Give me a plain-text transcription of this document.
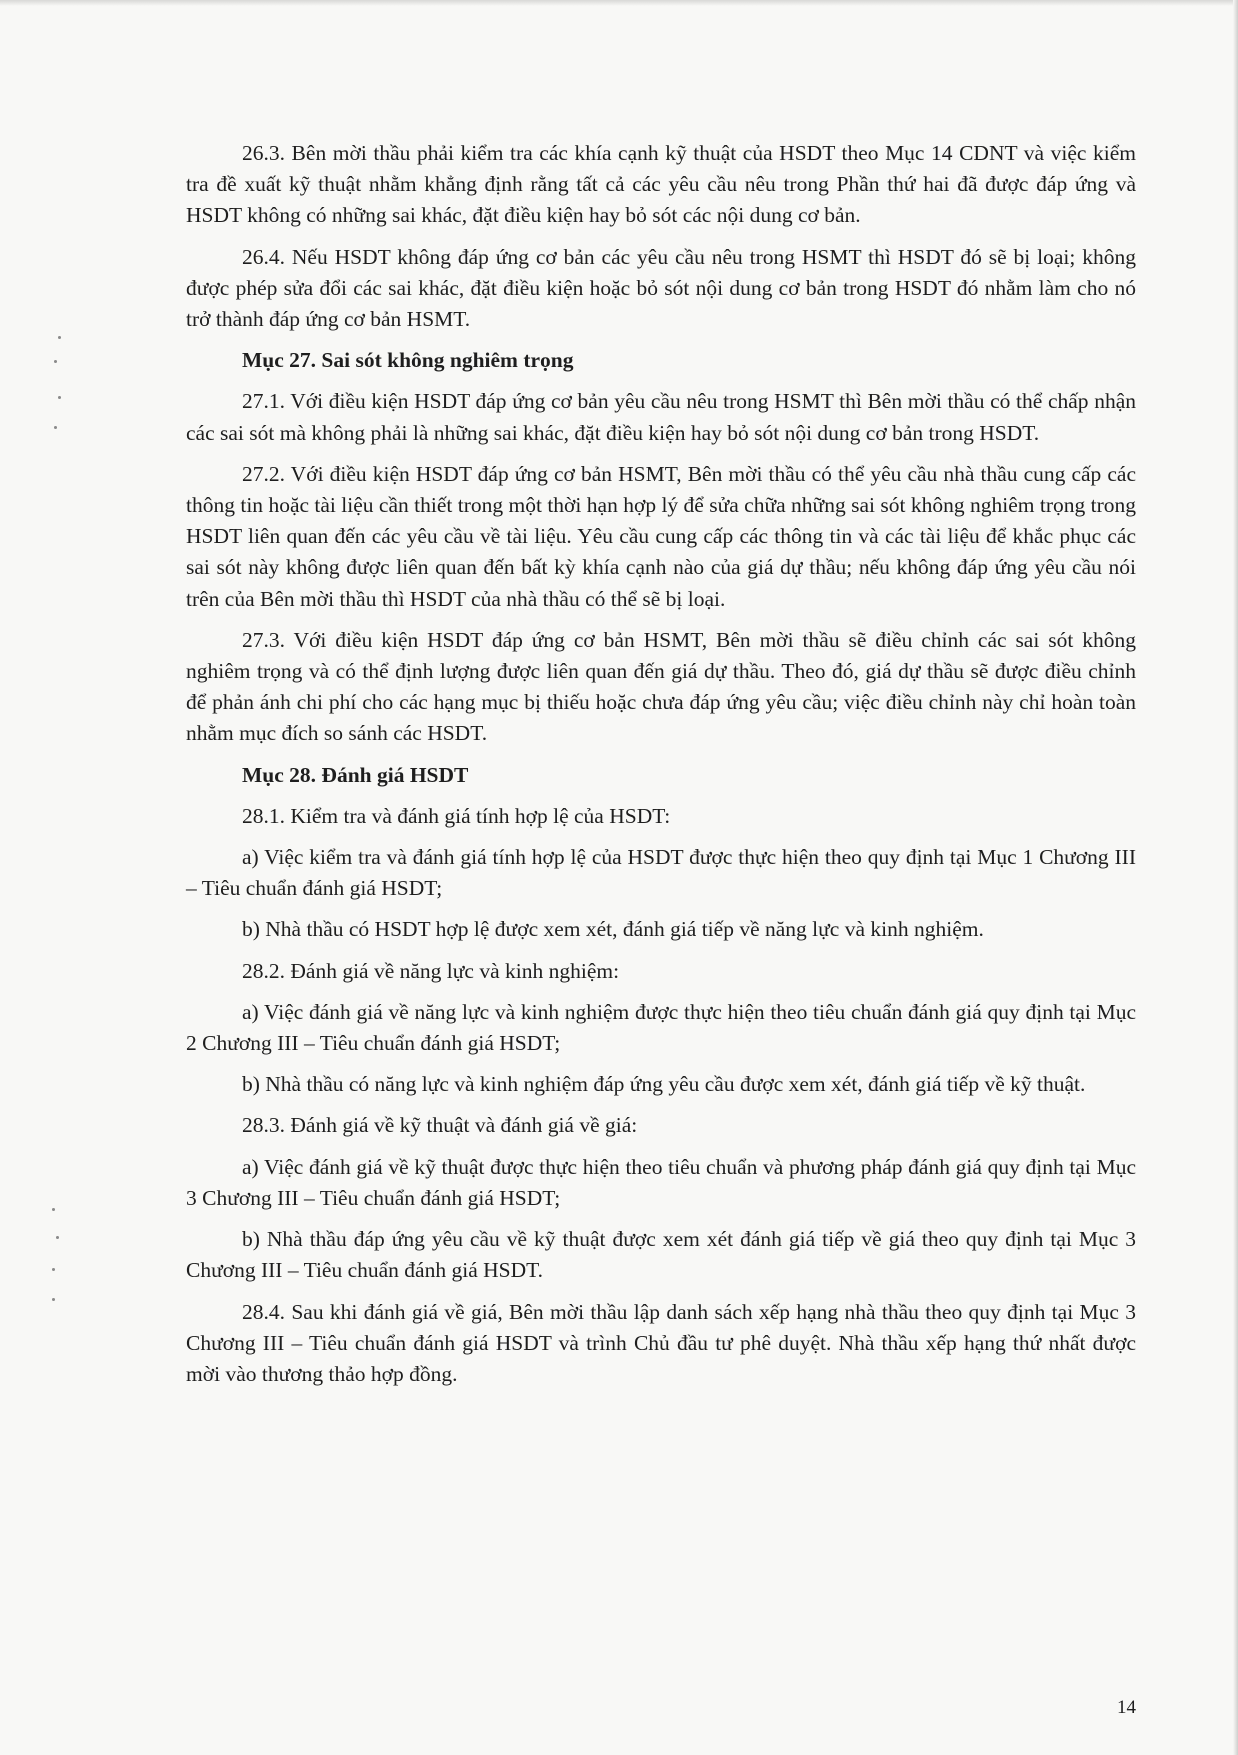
26.3. Bên mời thầu phải kiểm tra các khía cạnh kỹ thuật của HSDT theo Mục 14 CDNT và việc kiểm tra đề xuất kỹ thuật nhằm khẳng định rằng tất cả các yêu cầu nêu trong Phần thứ hai đã được đáp ứng và HSDT không có những sai khác, đặt điều kiện hay bỏ sót các nội dung cơ bản.

26.4. Nếu HSDT không đáp ứng cơ bản các yêu cầu nêu trong HSMT thì HSDT đó sẽ bị loại; không được phép sửa đổi các sai khác, đặt điều kiện hoặc bỏ sót nội dung cơ bản trong HSDT đó nhằm làm cho nó trở thành đáp ứng cơ bản HSMT.

Mục 27. Sai sót không nghiêm trọng

27.1. Với điều kiện HSDT đáp ứng cơ bản yêu cầu nêu trong HSMT thì Bên mời thầu có thể chấp nhận các sai sót mà không phải là những sai khác, đặt điều kiện hay bỏ sót nội dung cơ bản trong HSDT.

27.2. Với điều kiện HSDT đáp ứng cơ bản HSMT, Bên mời thầu có thể yêu cầu nhà thầu cung cấp các thông tin hoặc tài liệu cần thiết trong một thời hạn hợp lý để sửa chữa những sai sót không nghiêm trọng trong HSDT liên quan đến các yêu cầu về tài liệu. Yêu cầu cung cấp các thông tin và các tài liệu để khắc phục các sai sót này không được liên quan đến bất kỳ khía cạnh nào của giá dự thầu; nếu không đáp ứng yêu cầu nói trên của Bên mời thầu thì HSDT của nhà thầu có thể sẽ bị loại.

27.3. Với điều kiện HSDT đáp ứng cơ bản HSMT, Bên mời thầu sẽ điều chỉnh các sai sót không nghiêm trọng và có thể định lượng được liên quan đến giá dự thầu. Theo đó, giá dự thầu sẽ được điều chỉnh để phản ánh chi phí cho các hạng mục bị thiếu hoặc chưa đáp ứng yêu cầu; việc điều chỉnh này chỉ hoàn toàn nhằm mục đích so sánh các HSDT.

Mục 28. Đánh giá HSDT

28.1. Kiểm tra và đánh giá tính hợp lệ của HSDT:

a) Việc kiểm tra và đánh giá tính hợp lệ của HSDT được thực hiện theo quy định tại Mục 1 Chương III – Tiêu chuẩn đánh giá HSDT;

b) Nhà thầu có HSDT hợp lệ được xem xét, đánh giá tiếp về năng lực và kinh nghiệm.

28.2. Đánh giá về năng lực và kinh nghiệm:

a) Việc đánh giá về năng lực và kinh nghiệm được thực hiện theo tiêu chuẩn đánh giá quy định tại Mục 2 Chương III – Tiêu chuẩn đánh giá HSDT;

b) Nhà thầu có năng lực và kinh nghiệm đáp ứng yêu cầu được xem xét, đánh giá tiếp về kỹ thuật.

28.3. Đánh giá về kỹ thuật và đánh giá về giá:

a) Việc đánh giá về kỹ thuật được thực hiện theo tiêu chuẩn và phương pháp đánh giá quy định tại Mục 3 Chương III – Tiêu chuẩn đánh giá HSDT;

b) Nhà thầu đáp ứng yêu cầu về kỹ thuật được xem xét đánh giá tiếp về giá theo quy định tại Mục 3 Chương III – Tiêu chuẩn đánh giá HSDT.

28.4. Sau khi đánh giá về giá, Bên mời thầu lập danh sách xếp hạng nhà thầu theo quy định tại Mục 3 Chương III – Tiêu chuẩn đánh giá HSDT và trình Chủ đầu tư phê duyệt. Nhà thầu xếp hạng thứ nhất được mời vào thương thảo hợp đồng.

14
